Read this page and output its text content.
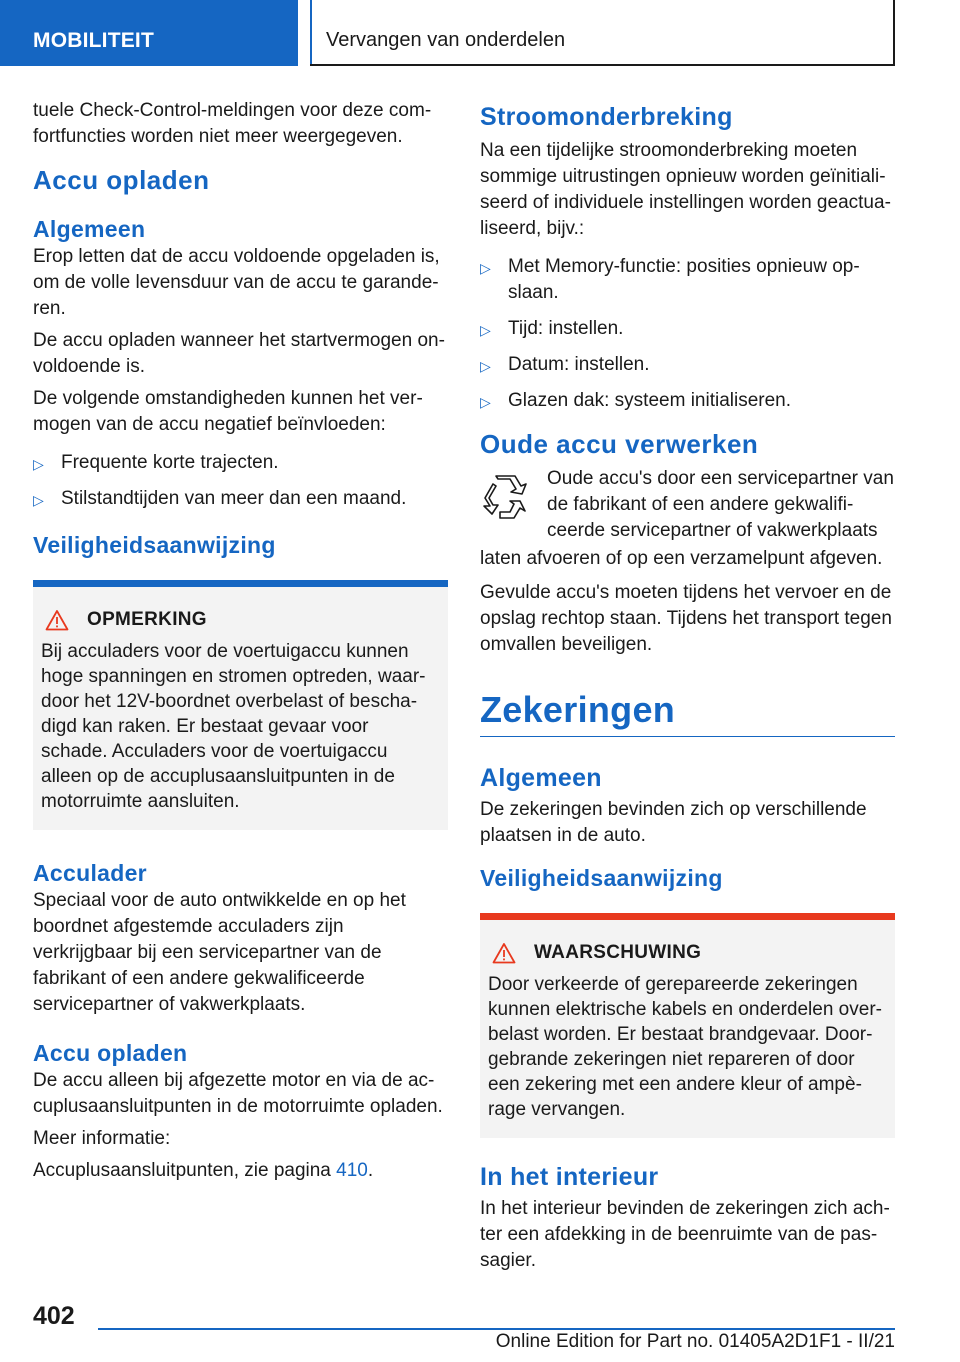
MOBILITEIT	Vervangen van onderdelen

tuele Check-Control-meldingen voor deze comfortfuncties worden niet meer weergegeven.

Accu opladen
Algemeen

Erop letten dat de accu voldoende opgeladen is, om de volle levensduur van de accu te garanderen.

De accu opladen wanneer het startvermogen onvoldoende is.

De volgende omstandigheden kunnen het vermogen van de accu negatief beïnvloeden:

▷ Frequente korte trajecten.
▷ Stilstandtijden van meer dan een maand.
Veiligheidsaanwijzing
OPMERKING

Bij acculaders voor de voertuigaccu kunnen hoge spanningen en stromen optreden, waardoor het 12V-boordnet overbelast of beschadigd kan raken. Er bestaat gevaar voor schade. Acculaders voor de voertuigaccu alleen op de accuplusaansluitpunten in de motorruimte aansluiten.

Acculader

Speciaal voor de auto ontwikkelde en op het boordnet afgestemde acculaders zijn verkrijgbaar bij een servicepartner van de fabrikant of een andere gekwalificeerde servicepartner of vakwerkplaats.

Accu opladen

De accu alleen bij afgezette motor en via de accuplusaansluitpunten in de motorruimte opladen.

Meer informatie:

Accuplusaansluitpunten, zie pagina 410.

Stroomonderbreking

Na een tijdelijke stroomonderbreking moeten sommige uitrustingen opnieuw worden geïnitialiseerd of individuele instellingen worden geactualiseerd, bijv.:

▷ Met Memory-functie: posities opnieuw opslaan.
▷ Tijd: instellen.
▷ Datum: instellen.
▷ Glazen dak: systeem initialiseren.
Oude accu verwerken

Oude accu's door een servicepartner van de fabrikant of een andere gekwalificeerde servicepartner of vakwerkplaats

laten afvoeren of op een verzamelpunt afgeven.

Gevulde accu's moeten tijdens het vervoer en de opslag rechtop staan. Tijdens het transport tegen omvallen beveiligen.

Zekeringen
Algemeen

De zekeringen bevinden zich op verschillende plaatsen in de auto.

Veiligheidsaanwijzing
WAARSCHUWING

Door verkeerde of gerepareerde zekeringen kunnen elektrische kabels en onderdelen overbelast worden. Er bestaat brandgevaar. Doorgebrande zekeringen niet repareren of door een zekering met een andere kleur of ampèrage vervangen.

In het interieur

In het interieur bevinden de zekeringen zich achter een afdekking in de beenruimte van de passagier.

402
Online Edition for Part no. 01405A2D1F1 - II/21
